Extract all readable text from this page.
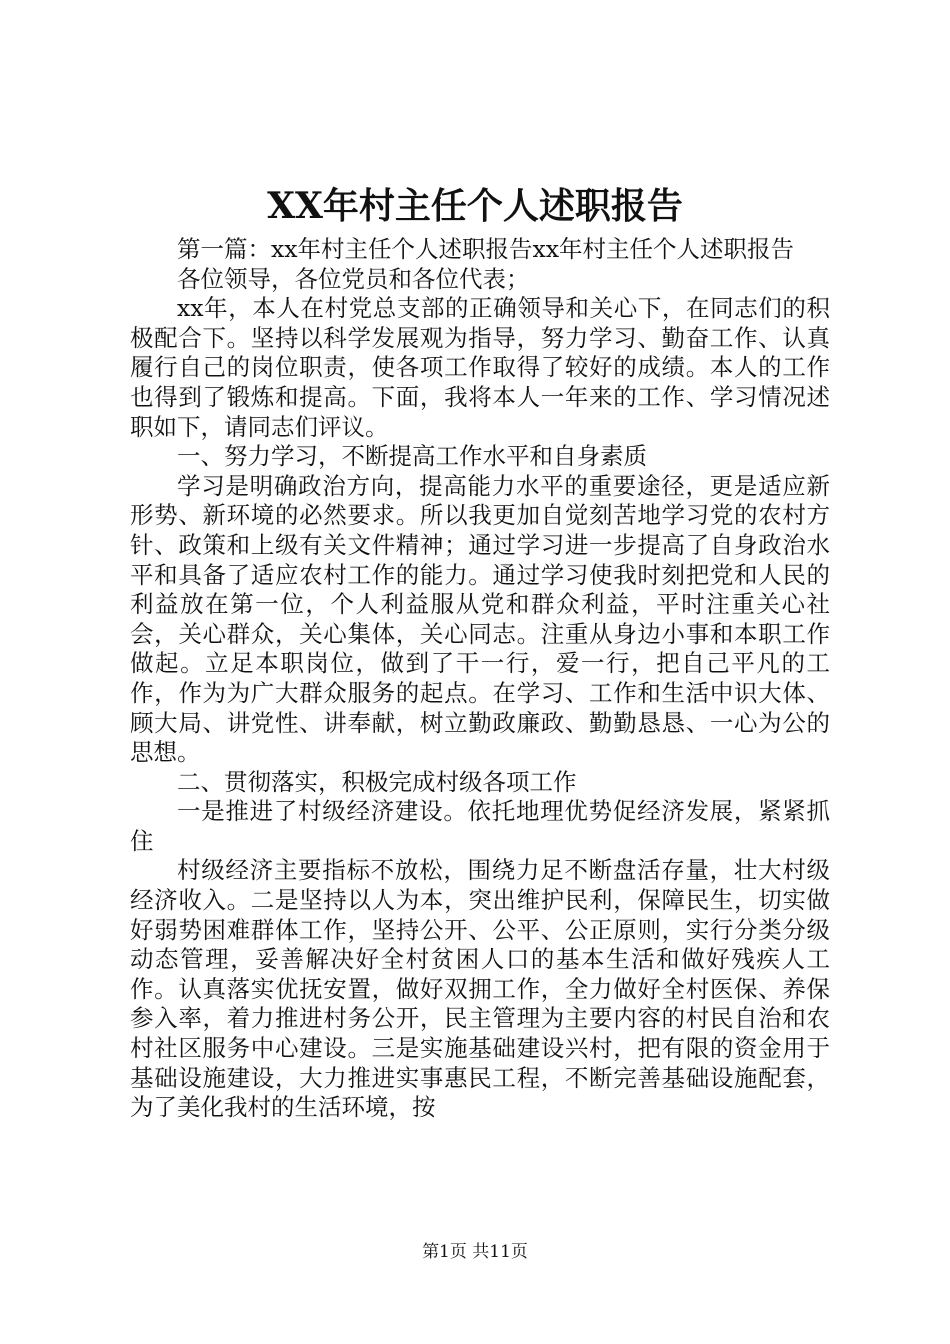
XX年村主任个人述职报告

第一篇：xx年村主任个人述职报告xx年村主任个人述职报告

各位领导，各位党员和各位代表；

xx年，本人在村党总支部的正确领导和关心下，在同志们的积极配合下。坚持以科学发展观为指导，努力学习、勤奋工作、认真履行自己的岗位职责，使各项工作取得了较好的成绩。本人的工作也得到了锻炼和提高。下面，我将本人一年来的工作、学习情况述职如下，请同志们评议。

一、努力学习，不断提高工作水平和自身素质

学习是明确政治方向，提高能力水平的重要途径，更是适应新形势、新环境的必然要求。所以我更加自觉刻苦地学习党的农村方针、政策和上级有关文件精神；通过学习进一步提高了自身政治水平和具备了适应农村工作的能力。通过学习使我时刻把党和人民的利益放在第一位，个人利益服从党和群众利益，平时注重关心社会，关心群众，关心集体，关心同志。注重从身边小事和本职工作做起。立足本职岗位，做到了干一行，爱一行，把自己平凡的工作，作为为广大群众服务的起点。在学习、工作和生活中识大体、顾大局、讲党性、讲奉献，树立勤政廉政、勤勤恳恳、一心为公的思想。

二、贯彻落实，积极完成村级各项工作

一是推进了村级经济建设。依托地理优势促经济发展，紧紧抓住

村级经济主要指标不放松，围绕力足不断盘活存量，壮大村级经济收入。二是坚持以人为本，突出维护民利，保障民生，切实做好弱势困难群体工作，坚持公开、公平、公正原则，实行分类分级动态管理，妥善解决好全村贫困人口的基本生活和做好残疾人工作。认真落实优抚安置，做好双拥工作，全力做好全村医保、养保参入率，着力推进村务公开，民主管理为主要内容的村民自治和农村社区服务中心建设。三是实施基础建设兴村，把有限的资金用于基础设施建设，大力推进实事惠民工程，不断完善基础设施配套，为了美化我村的生活环境，按

第1页 共11页
